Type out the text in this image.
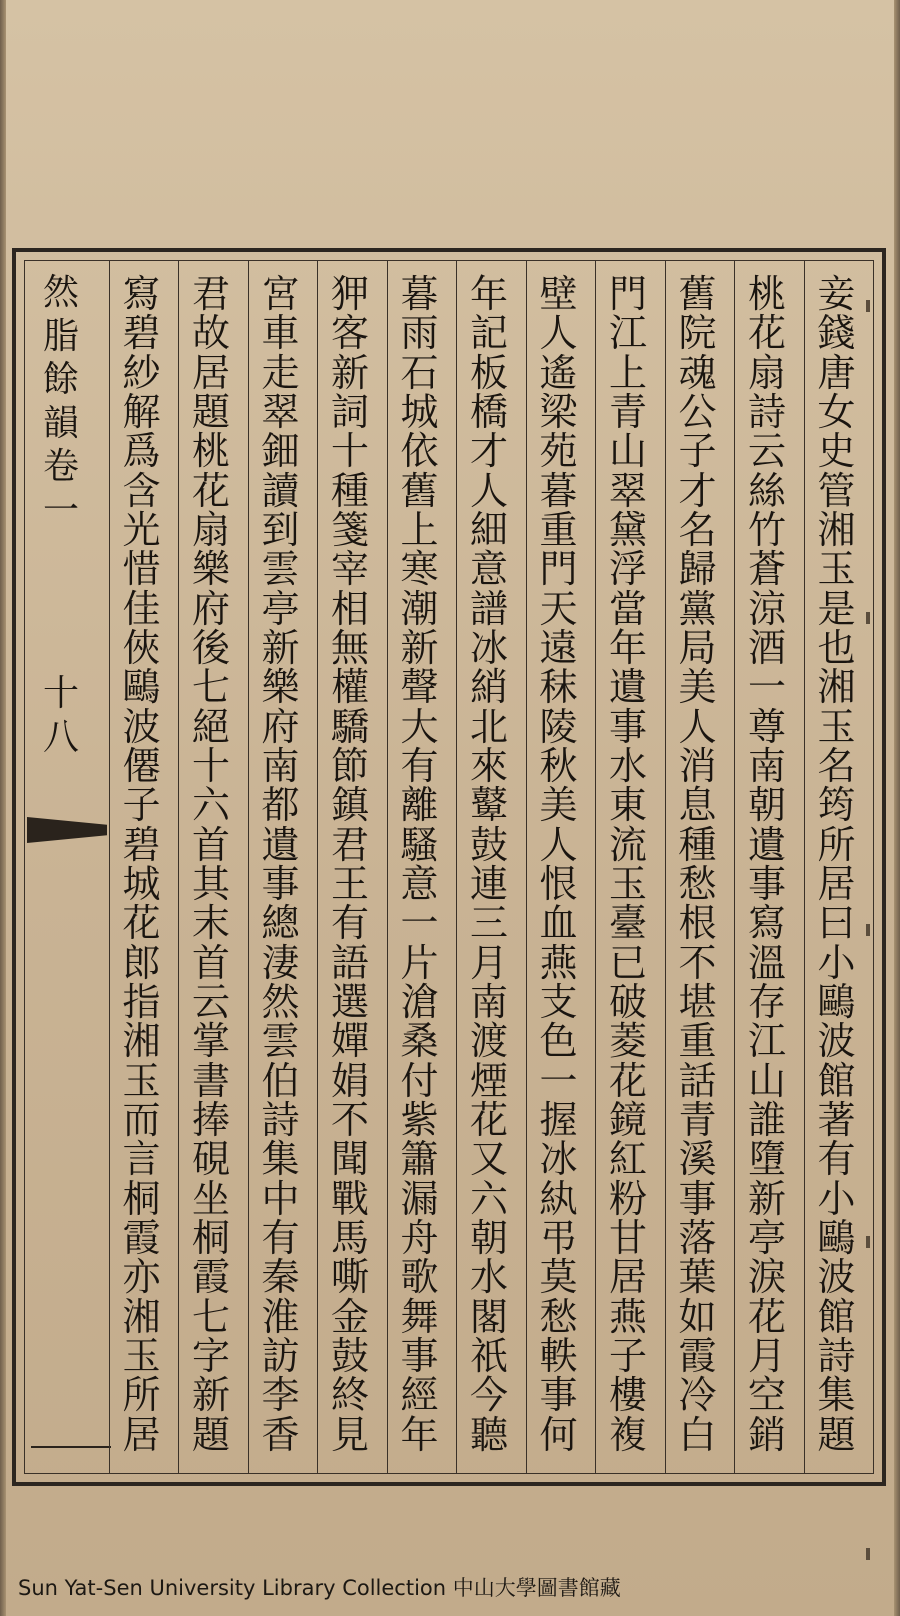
然
脂
餘
韻
卷
一
十
八
妾
錢
唐
女
史
管
湘
玉
是
也
湘
玉
名
筠
所
居
曰
小
鷗
波
館
著
有
小
鷗
波
館
詩
集
題
桃
花
扇
詩
云
絲
竹
蒼
涼
酒
一
尊
南
朝
遺
事
寫
溫
存
江
山
誰
墮
新
亭
淚
花
月
空
銷
舊
院
魂
公
子
才
名
歸
黨
局
美
人
消
息
種
愁
根
不
堪
重
話
青
溪
事
落
葉
如
霞
冷
白
門
江
上
青
山
翠
黛
浮
當
年
遺
事
水
東
流
玉
臺
已
破
菱
花
鏡
紅
粉
甘
居
燕
子
樓
複
壁
人
遙
梁
苑
暮
重
門
天
遠
秣
陵
秋
美
人
恨
血
燕
支
色
一
握
冰
紈
弔
莫
愁
軼
事
何
年
記
板
橋
才
人
細
意
譜
冰
綃
北
來
鼙
鼓
連
三
月
南
渡
煙
花
又
六
朝
水
閣
祇
今
聽
暮
雨
石
城
依
舊
上
寒
潮
新
聲
大
有
離
騷
意
一
片
滄
桑
付
紫
簫
漏
舟
歌
舞
事
經
年
狎
客
新
詞
十
種
箋
宰
相
無
權
驕
節
鎮
君
王
有
語
選
嬋
娟
不
聞
戰
馬
嘶
金
鼓
終
見
宮
車
走
翠
鈿
讀
到
雲
亭
新
樂
府
南
都
遺
事
總
淒
然
雲
伯
詩
集
中
有
秦
淮
訪
李
香
君
故
居
題
桃
花
扇
樂
府
後
七
絕
十
六
首
其
末
首
云
掌
書
捧
硯
坐
桐
霞
七
字
新
題
寫
碧
紗
解
爲
含
光
惜
佳
俠
鷗
波
僊
子
碧
城
花
郎
指
湘
玉
而
言
桐
霞
亦
湘
玉
所
居
Sun Yat-Sen University Library Collection 中山大學圖書館藏
